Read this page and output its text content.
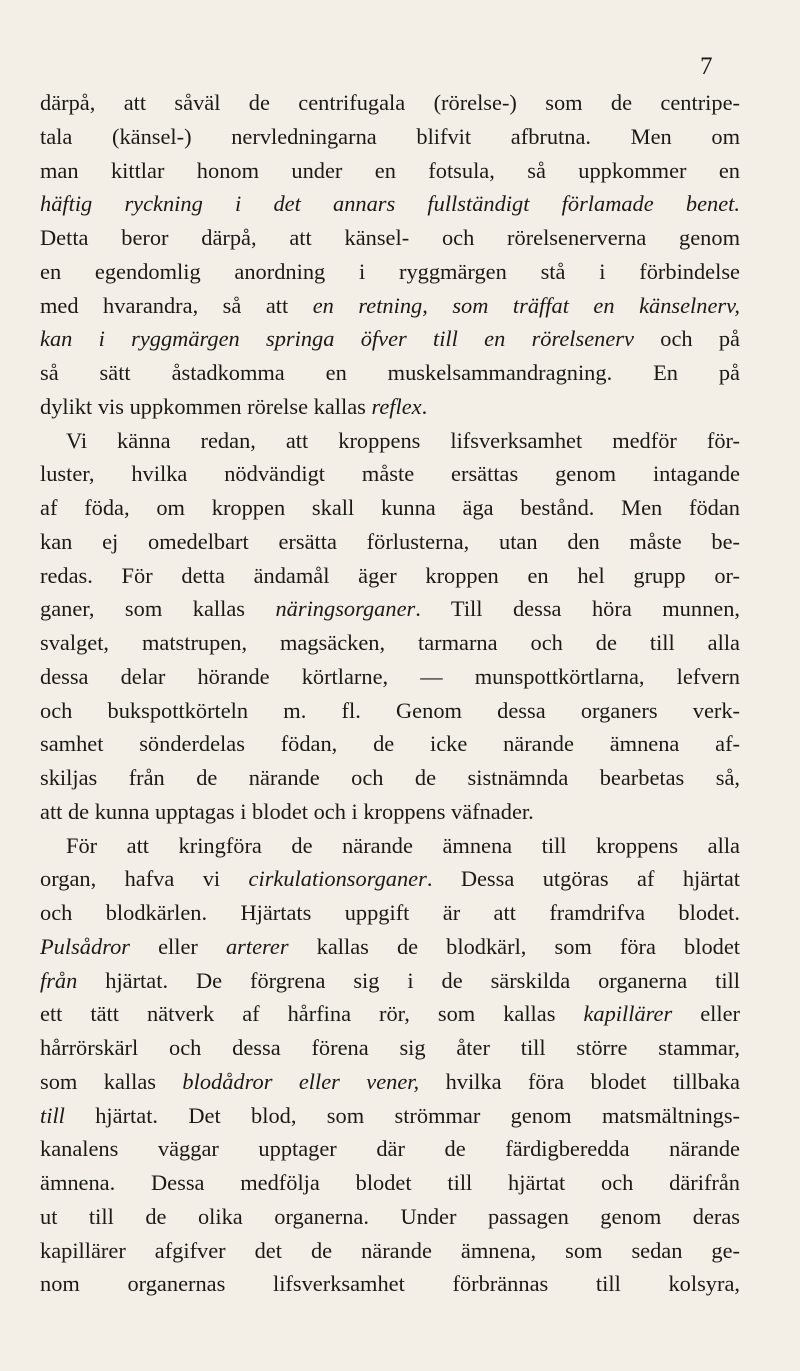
7
därpå, att såväl de centrifugala (rörelse-) som de centripe-
tala (känsel-) nervledningarna blifvit afbrutna. Men om
man kittlar honom under en fotsula, så uppkommer en
häftig ryckning i det annars fullständigt förlamade benet.
Detta beror därpå, att känsel- och rörelsenerverna genom
en egendomlig anordning i ryggmärgen stå i förbindelse
med hvarandra, så att en retning, som träffat en känselnerv,
kan i ryggmärgen springa öfver till en rörelsenerv och på
så sätt åstadkomma en muskelsammandragning. En på
dylikt vis uppkommen rörelse kallas reflex.
Vi känna redan, att kroppens lifsverksamhet medför för-
luster, hvilka nödvändigt måste ersättas genom intagande
af föda, om kroppen skall kunna äga bestånd. Men födan
kan ej omedelbart ersätta förlusterna, utan den måste be-
redas. För detta ändamål äger kroppen en hel grupp or-
ganer, som kallas näringsorganer. Till dessa höra munnen,
svalget, matstrupen, magsäcken, tarmarna och de till alla
dessa delar hörande körtlarne, — munspottkörtlarna, lefvern
och bukspottkörteln m. fl. Genom dessa organers verk-
samhet sönderdelas födan, de icke närande ämnena af-
skiljas från de närande och de sistnämnda bearbetas så,
att de kunna upptagas i blodet och i kroppens väfnader.
För att kringföra de närande ämnena till kroppens alla
organ, hafva vi cirkulationsorganer. Dessa utgöras af hjärtat
och blodkärlen. Hjärtats uppgift är att framdrifva blodet.
Pulsådror eller arterer kallas de blodkärl, som föra blodet
från hjärtat. De förgrena sig i de särskilda organerna till
ett tätt nätverk af hårfina rör, som kallas kapillärer eller
hårrörskärl och dessa förena sig åter till större stammar,
som kallas blodådror eller vener, hvilka föra blodet tillbaka
till hjärtat. Det blod, som strömmar genom matsmältnings-
kanalens väggar upptager där de färdigberedda närande
ämnena. Dessa medfölja blodet till hjärtat och därifrån
ut till de olika organerna. Under passagen genom deras
kapillärer afgifver det de närande ämnena, som sedan ge-
nom organernas lifsverksamhet förbrännas till kolsyra,
